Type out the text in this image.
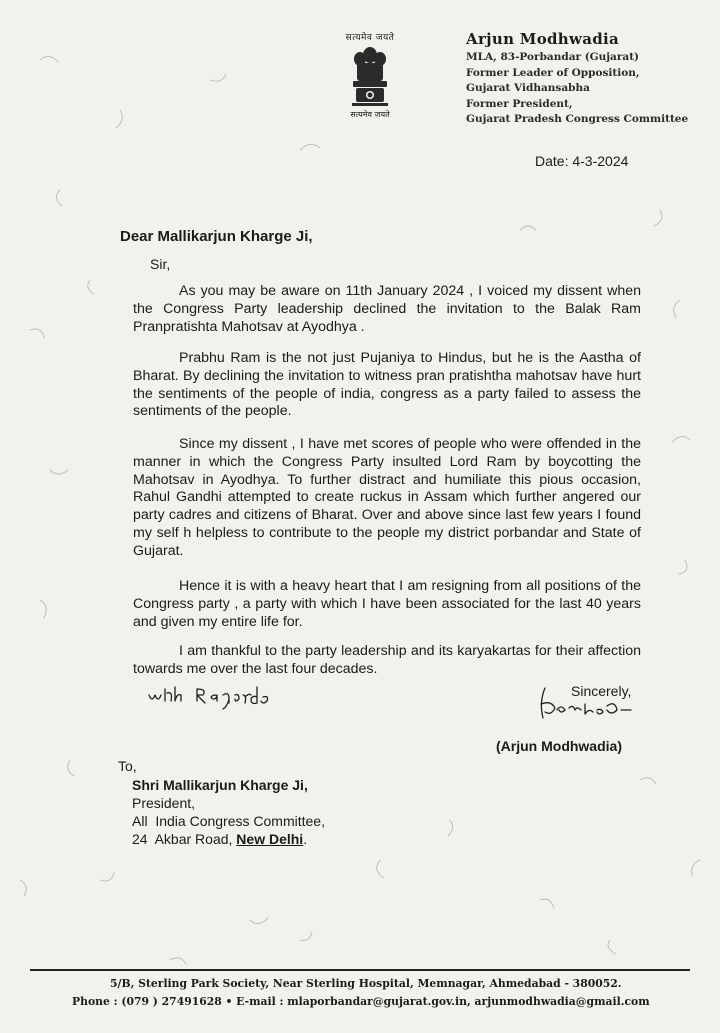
सत्यमेव जयते
सत्यमेव जयते
Arjun Modhwadia
MLA, 83-Porbandar (Gujarat)
Former Leader of Opposition,
Gujarat Vidhansabha
Former President,
Gujarat Pradesh Congress Committee
Date: 4-3-2024
Dear Mallikarjun Kharge Ji,
Sir,
As you may be aware on 11th January 2024 , I voiced my dissent when the Congress Party leadership declined the invitation to the Balak Ram Pranpratishta Mahotsav at Ayodhya .
Prabhu Ram is the not just Pujaniya to Hindus, but he is the Aastha of Bharat. By declining the invitation to witness pran pratishtha mahotsav have hurt the sentiments of the people of india, congress as a party failed to assess the sentiments of the people.
Since my dissent , I have met scores of people who were offended in the manner in which the Congress Party insulted Lord Ram by boycotting the Mahotsav in Ayodhya. To further distract and humiliate this pious occasion, Rahul Gandhi attempted to create ruckus in Assam which further angered our party cadres and citizens of Bharat. Over and above since last few years I found my self h helpless to contribute to the people my district porbandar and State of Gujarat.
Hence it is with a heavy heart that I am resigning from all positions of the Congress party , a party with which I have been associated for the last 40 years and given my entire life for.
I am thankful to the party leadership and its karyakartas for their affection towards me over the last four decades.
Sincerely,
(Arjun Modhwadia)
To,
Shri Mallikarjun Kharge Ji,
President,
All  India Congress Committee,
24  Akbar Road, New Delhi.
5/B, Sterling Park Society, Near Sterling Hospital, Memnagar, Ahmedabad - 380052.
Phone : (079 ) 27491628 • E-mail : mlaporbandar@gujarat.gov.in, arjunmodhwadia@gmail.com
